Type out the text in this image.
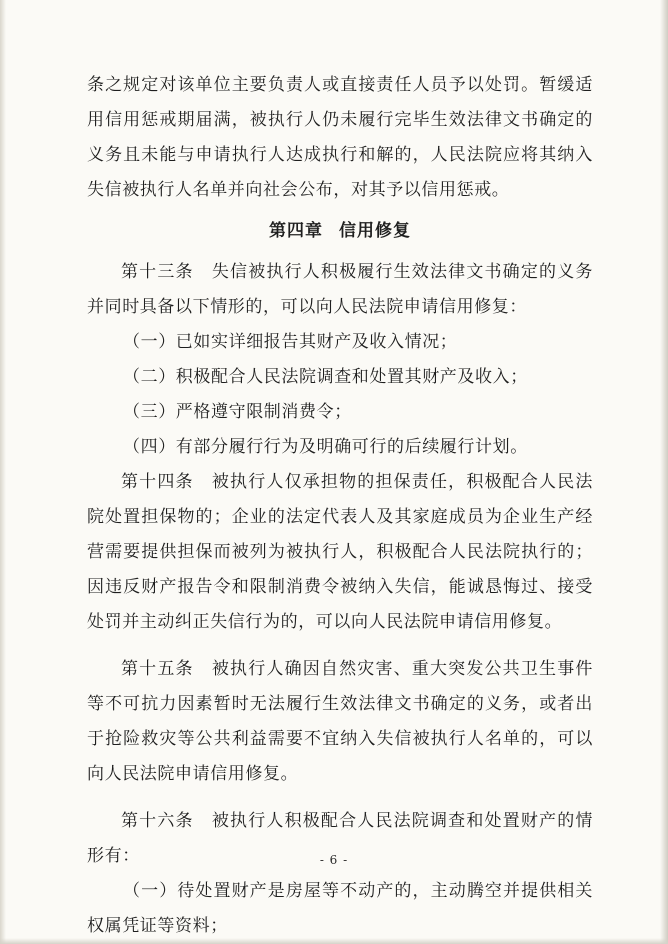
条之规定对该单位主要负责人或直接责任人员予以处罚。暂缓适用信用惩戒期届满，被执行人仍未履行完毕生效法律文书确定的义务且未能与申请执行人达成执行和解的，人民法院应将其纳入失信被执行人名单并向社会公布，对其予以信用惩戒。

第四章 信用修复

第十三条　失信被执行人积极履行生效法律文书确定的义务并同时具备以下情形的，可以向人民法院申请信用修复：

（一）已如实详细报告其财产及收入情况；

（二）积极配合人民法院调查和处置其财产及收入；

（三）严格遵守限制消费令；

（四）有部分履行行为及明确可行的后续履行计划。

第十四条　被执行人仅承担物的担保责任，积极配合人民法院处置担保物的；企业的法定代表人及其家庭成员为企业生产经营需要提供担保而被列为被执行人，积极配合人民法院执行的；因违反财产报告令和限制消费令被纳入失信，能诚恳悔过、接受处罚并主动纠正失信行为的，可以向人民法院申请信用修复。

第十五条　被执行人确因自然灾害、重大突发公共卫生事件等不可抗力因素暂时无法履行生效法律文书确定的义务，或者出于抢险救灾等公共利益需要不宜纳入失信被执行人名单的，可以向人民法院申请信用修复。

第十六条　被执行人积极配合人民法院调查和处置财产的情形有：

（一）待处置财产是房屋等不动产的，主动腾空并提供相关权属凭证等资料；

- 6 -
